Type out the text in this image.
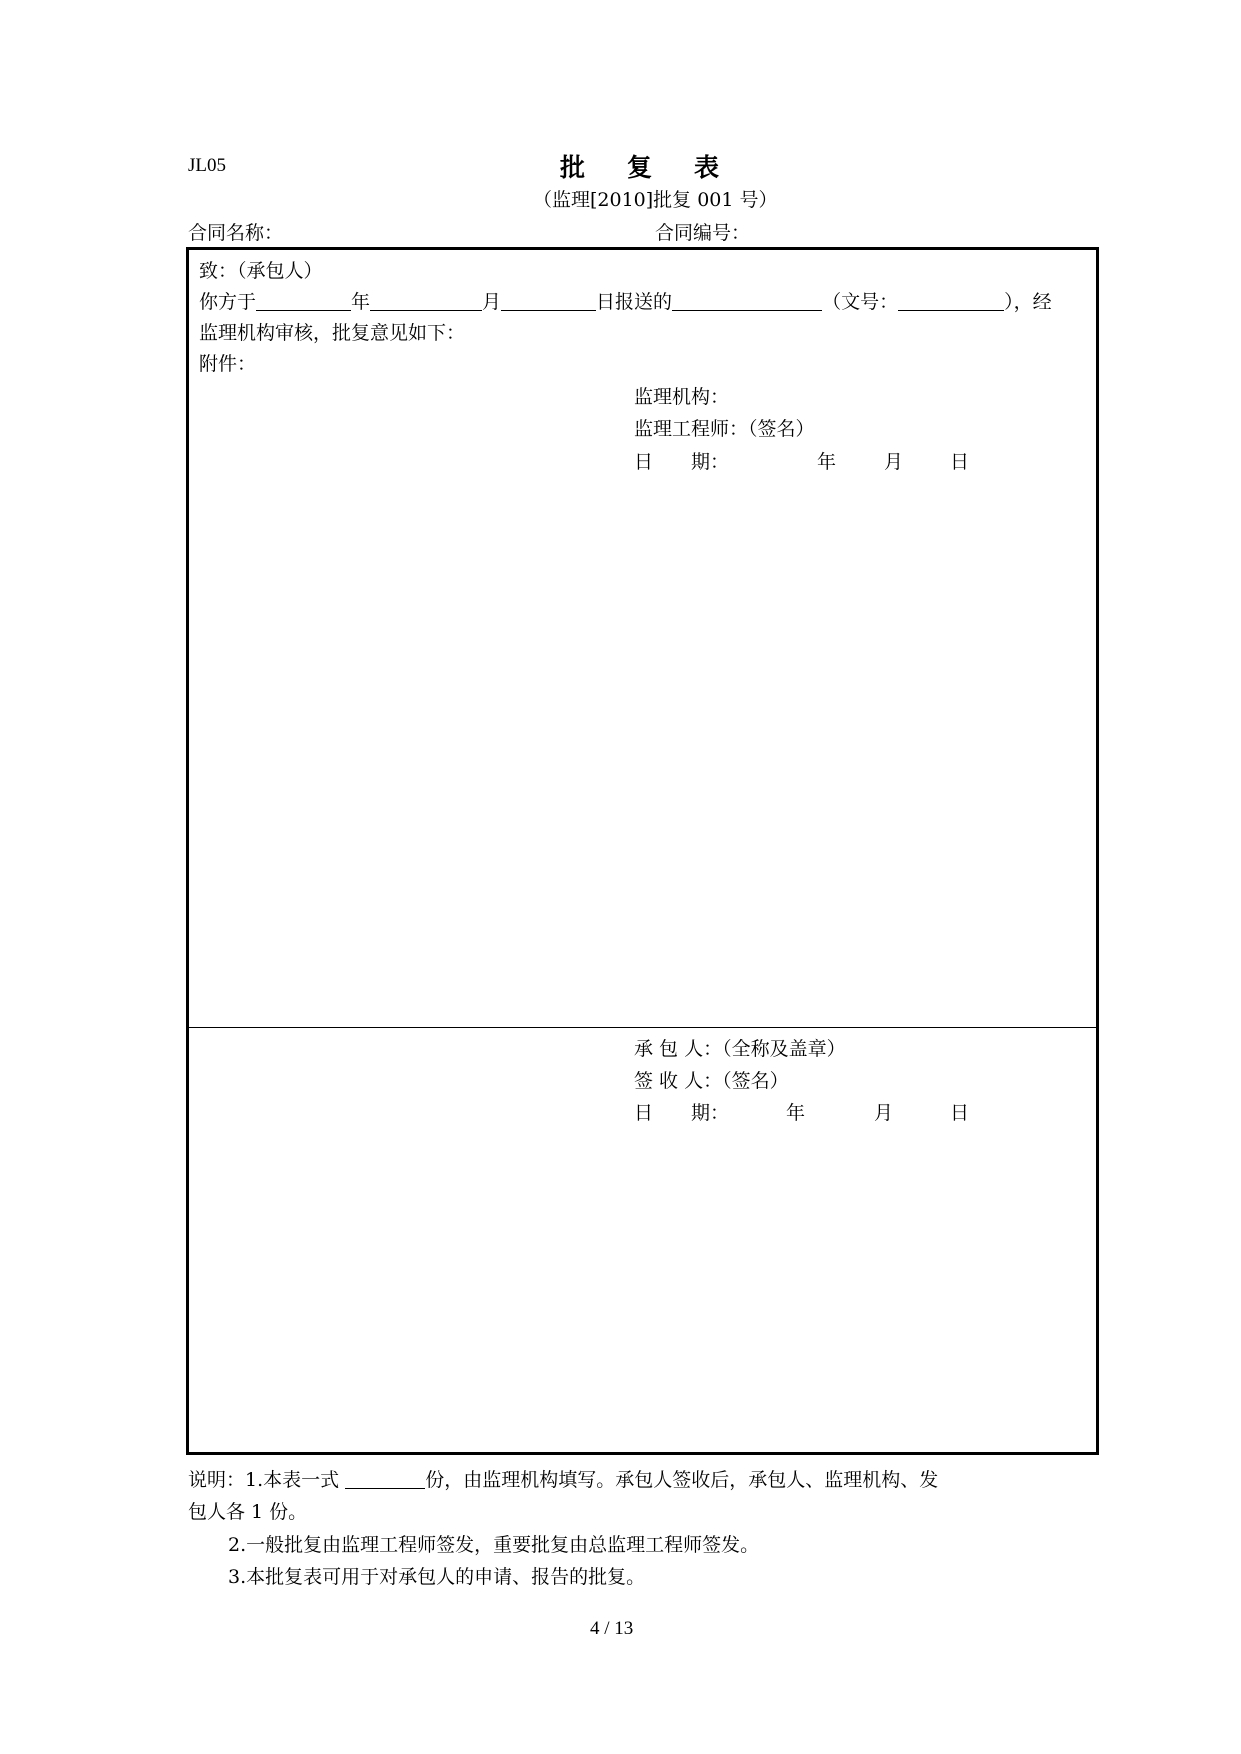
JL05	批复表
（监理[2010]批复 001 号）
合同名称：	合同编号：
致：（承包人）
你方于	年	月	日报送的	（文号：	），经
监理机构审核，批复意见如下：
附件：
监理机构：
监理工程师：（签名）
日　　期：	年	月 日
承 包 人：（全称及盖章）
签 收 人：（签名）
日　　期：	年	月	日
说明：1.本表一式	份，由监理机构填写。承包人签收后，承包人、监理机构、发
包人各 1 份。
2.一般批复由监理工程师签发，重要批复由总监理工程师签发。
3.本批复表可用于对承包人的申请、报告的批复。
4 / 13
